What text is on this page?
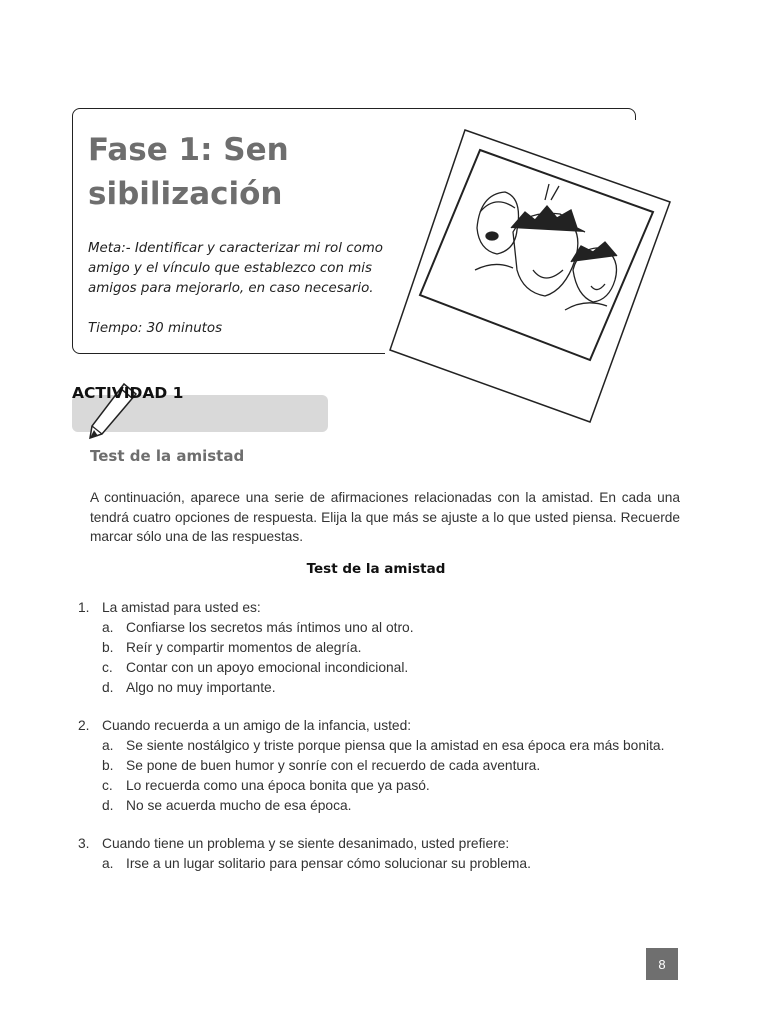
Fase 1: Sensibilización
Meta:- Identificar y caracterizar mi rol como amigo y el vínculo que establezco con mis amigos para mejorarlo, en caso necesario.
Tiempo: 30 minutos
ACTIVIDAD 1
Test de la amistad

A continuación, aparece una serie de afirmaciones relacionadas con la amistad. En cada una tendrá cuatro opciones de respuesta. Elija la que más se ajuste a lo que usted piensa. Recuerde marcar sólo una de las respuestas.

Test de la amistad
1. La amistad para usted es:
a. Confiarse los secretos más íntimos uno al otro.
b. Reír y compartir momentos de alegría.
c. Contar con un apoyo emocional incondicional.
d. Algo no muy importante.
2. Cuando recuerda a un amigo de la infancia, usted:
a. Se siente nostálgico y triste porque piensa que la amistad en esa época era más bonita.
b. Se pone de buen humor y sonríe con el recuerdo de cada aventura.
c. Lo recuerda como una época bonita que ya pasó.
d. No se acuerda mucho de esa época.
3. Cuando tiene un problema y se siente desanimado, usted prefiere:
a. Irse a un lugar solitario para pensar cómo solucionar su problema.
8
